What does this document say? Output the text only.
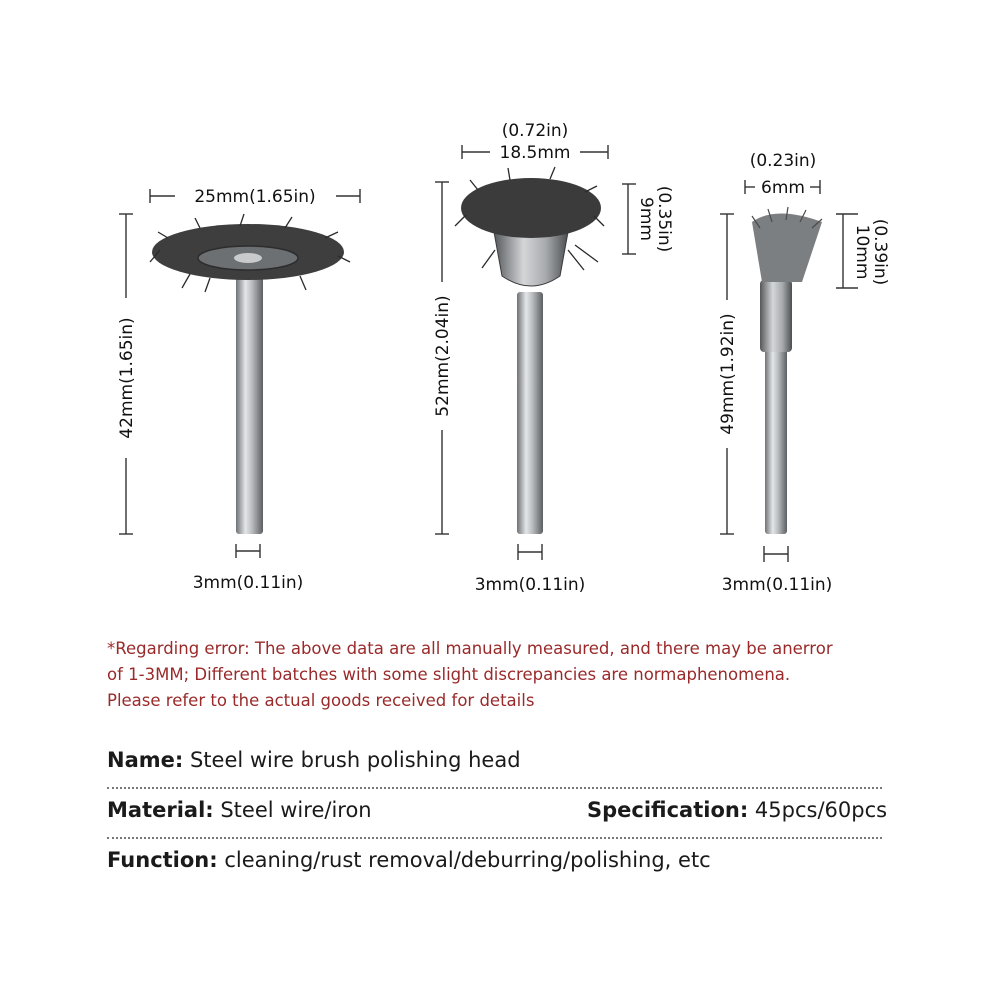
25mm(1.65in)
42mm(1.65in)
3mm(0.11in)
(0.72in)
18.5mm
9mm
(0.35in)
52mm(2.04in)
3mm(0.11in)
(0.23in)
6mm
10mm
(0.39in)
49mm(1.92in)
3mm(0.11in)
*Regarding error: The above data are all manually measured, and there may be anerror
of 1-3MM; Different batches with some slight discrepancies are normaphenomena.
Please refer to the actual goods received for details
Name: Steel wire brush polishing head
Material: Steel wire/iron	Specification: 45pcs/60pcs
Function: cleaning/rust removal/deburring/polishing, etc
